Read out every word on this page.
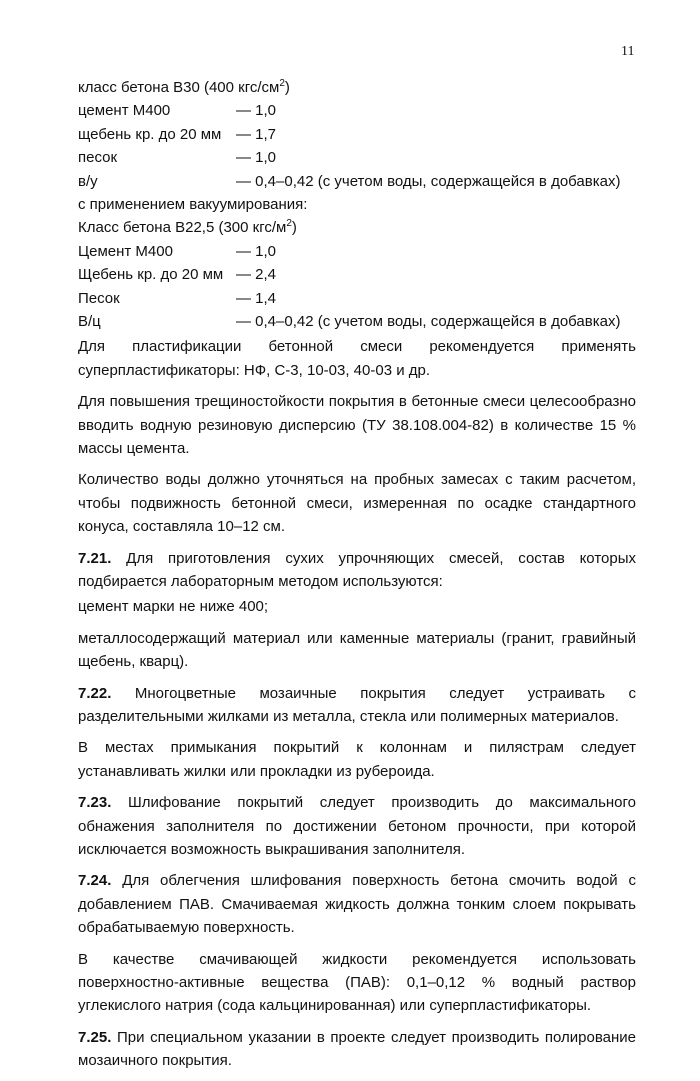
11
класс бетона В30 (400 кгс/$см^2$)
цемент М400	— 1,0
щебень кр. до 20 мм — 1,7
песок	— 1,0
в/у	— 0,4–0,42 (с учетом воды, содержащейся в добавках)
с применением вакуумирования:
Класс бетона В22,5 (300 кгс/$м^2$)
Цемент М400	— 1,0
Щебень кр. до 20 мм — 2,4
Песок	— 1,4
В/ц	— 0,4–0,42 (с учетом воды, содержащейся в добавках)

Для пластификации бетонной смеси рекомендуется применять суперпластификаторы: НФ, С-3, 10-03, 40-03 и др.

Для повышения трещиностойкости покрытия в бетонные смеси целесообразно вводить водную резиновую дисперсию (ТУ 38.108.004-82) в количестве 15 % массы цемента.

Количество воды должно уточняться на пробных замесах с таким расчетом, чтобы подвижность бетонной смеси, измеренная по осадке стандартного конуса, составляла 10–12 см.

7.21. Для приготовления сухих упрочняющих смесей, состав которых подбирается лабораторным методом используются:

цемент марки не ниже 400;

металлосодержащий материал или каменные материалы (гранит, гравийный щебень, кварц).

7.22. Многоцветные мозаичные покрытия следует устраивать с разделительными жилками из металла, стекла или полимерных материалов.

В местах примыкания покрытий к колоннам и пилястрам следует устанавливать жилки или прокладки из рубероида.

7.23. Шлифование покрытий следует производить до максимального обнажения заполнителя по достижении бетоном прочности, при которой исключается возможность выкрашивания заполнителя.

7.24. Для облегчения шлифования поверхность бетона смочить водой с добавлением ПАВ. Смачиваемая жидкость должна тонким слоем покрывать обрабатываемую поверхность.

В качестве смачивающей жидкости рекомендуется использовать поверхностно-активные вещества (ПАВ): 0,1–0,12 % водный раствор углекислого натрия (сода кальцинированная) или суперпластификаторы.

7.25. При специальном указании в проекте следует производить полирование мозаичного покрытия.
